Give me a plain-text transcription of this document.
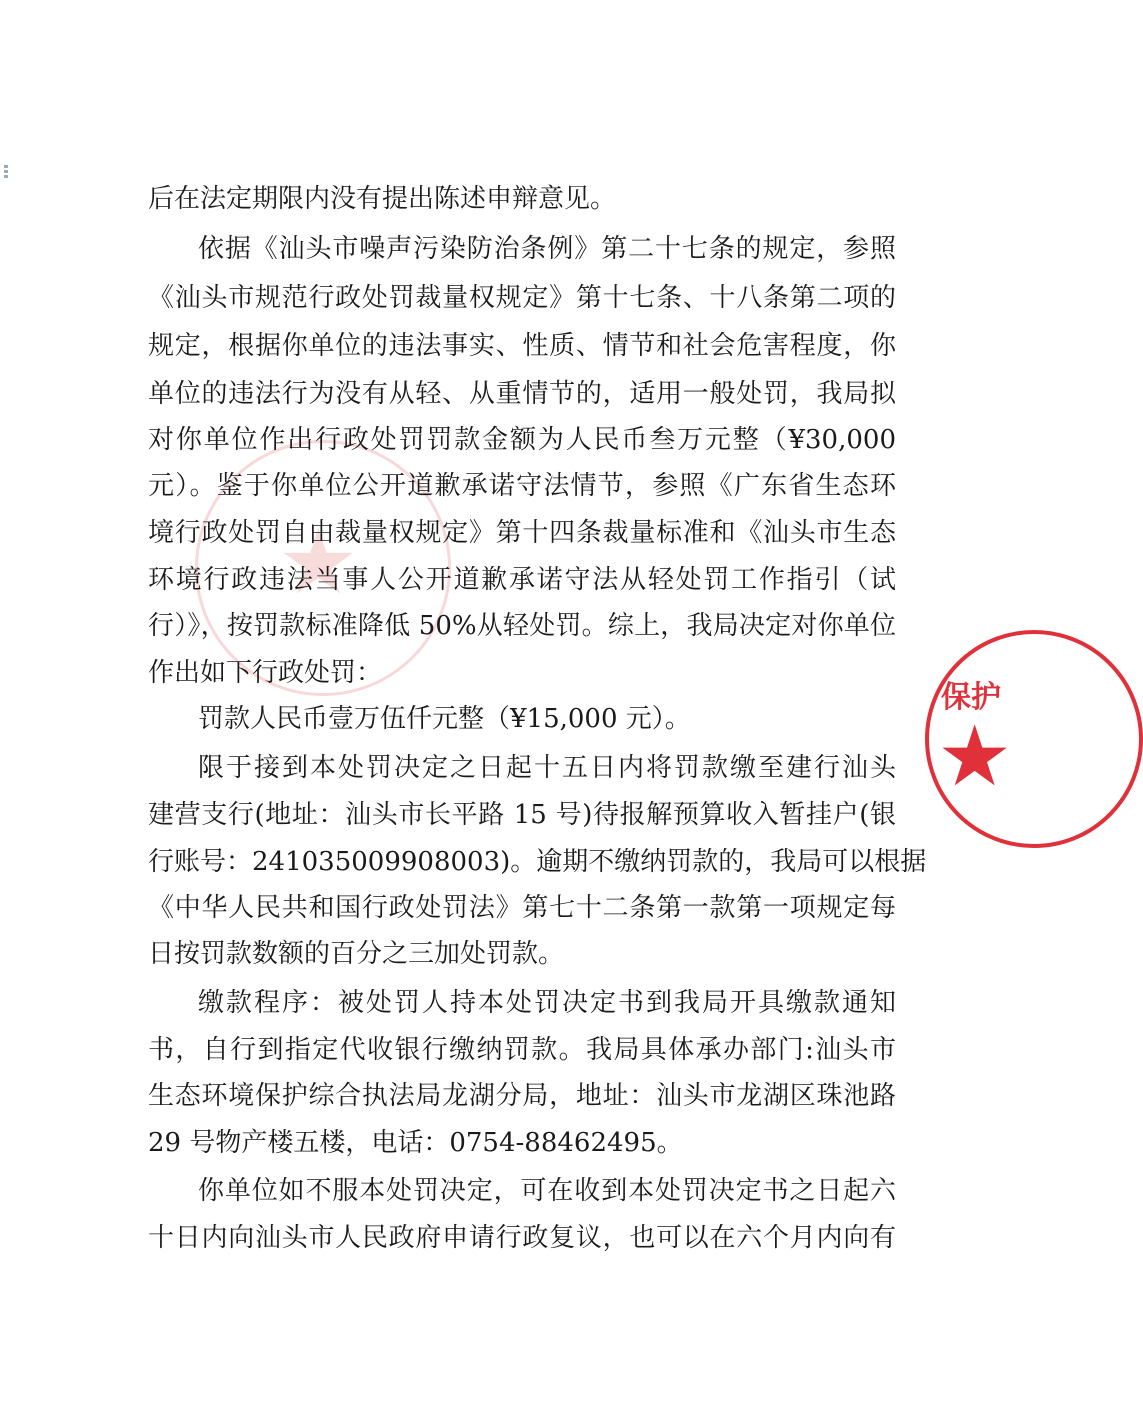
★
后在法定期限内没有提出陈述申辩意见。
依据《汕头市噪声污染防治条例》第二十七条的规定，参照
《汕头市规范行政处罚裁量权规定》第十七条、十八条第二项的
规定，根据你单位的违法事实、性质、情节和社会危害程度，你
单位的违法行为没有从轻、从重情节的，适用一般处罚，我局拟
对你单位作出行政处罚罚款金额为人民币叁万元整（¥30,000
元）。鉴于你单位公开道歉承诺守法情节，参照《广东省生态环
境行政处罚自由裁量权规定》第十四条裁量标准和《汕头市生态
环境行政违法当事人公开道歉承诺守法从轻处罚工作指引（试
行）》，按罚款标准降低 50%从轻处罚。综上，我局决定对你单位
作出如下行政处罚：
罚款人民币壹万伍仟元整（¥15,000 元）。
限于接到本处罚决定之日起十五日内将罚款缴至建行汕头
建营支行(地址：汕头市长平路 15 号)待报解预算收入暂挂户(银
行账号：241035009908003)。逾期不缴纳罚款的，我局可以根据
《中华人民共和国行政处罚法》第七十二条第一款第一项规定每
日按罚款数额的百分之三加处罚款。
缴款程序：被处罚人持本处罚决定书到我局开具缴款通知
书，自行到指定代收银行缴纳罚款。我局具体承办部门:汕头市
生态环境保护综合执法局龙湖分局，地址：汕头市龙湖区珠池路
29 号物产楼五楼，电话：0754-88462495。
你单位如不服本处罚决定，可在收到本处罚决定书之日起六
十日内向汕头市人民政府申请行政复议，也可以在六个月内向有
保护
★
